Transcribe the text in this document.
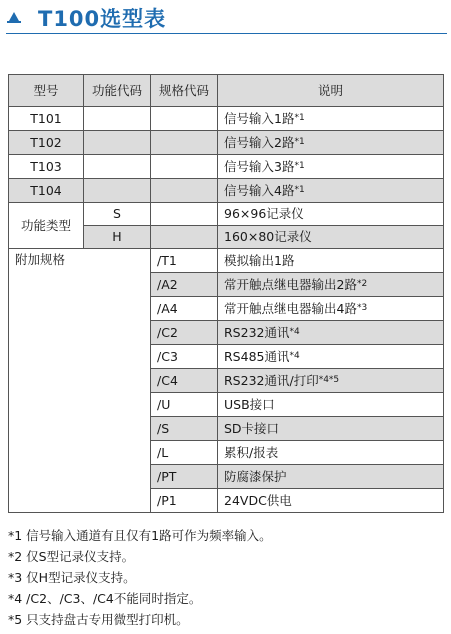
T100选型表
型号	功能代码	规格代码	说明
T101			信号输入1路$^{*1}$
T102			信号输入2路$^{*1}$
T103			信号输入3路$^{*1}$
T104			信号输入4路$^{*1}$
功能类型	S		96×96记录仪
	H		160×80记录仪
附加规格		/T1	模拟输出1路
		/A2	常开触点继电器输出2路$^{*2}$
		/A4	常开触点继电器输出4路$^{*3}$
		/C2	RS232通讯$^{*4}$
		/C3	RS485通讯$^{*4}$
		/C4	RS232通讯/打印$^{*4*5}$
		/U	USB接口
		/S	SD卡接口
		/L	累积/报表
		/PT	防腐漆保护
		/P1	24VDC供电
*1 信号输入通道有且仅有1路可作为频率输入。
*2 仅S型记录仪支持。
*3 仅H型记录仪支持。
*4 /C2、/C3、/C4不能同时指定。
*5 只支持盘古专用微型打印机。
